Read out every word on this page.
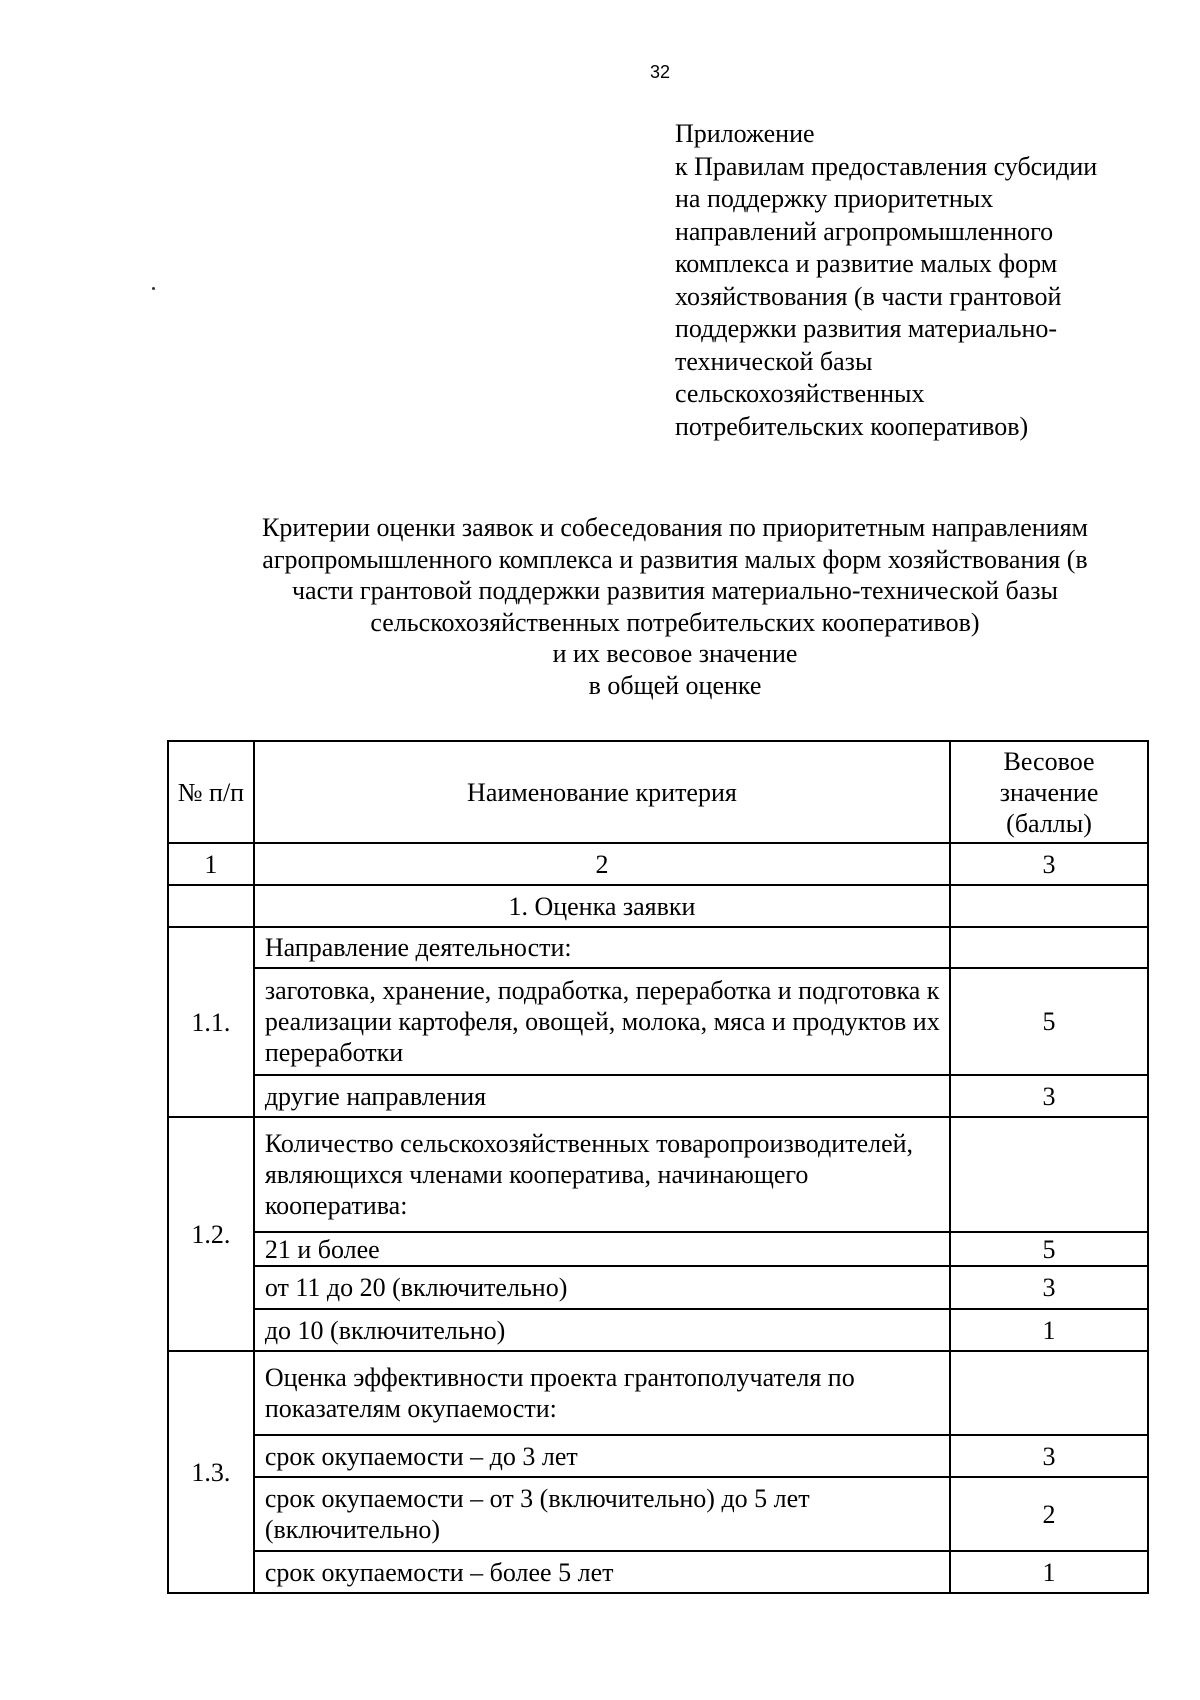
32
Приложение
к Правилам предоставления субсидии
на поддержку приоритетных
направлений агропромышленного
комплекса и развитие малых форм
хозяйствования (в части грантовой
поддержки развития материально-
технической базы
сельскохозяйственных
потребительских кооперативов)
Критерии оценки заявок и собеседования по приоритетным направлениям
агропромышленного комплекса и развития малых форм хозяйствования (в
части грантовой поддержки развития материально-технической базы
сельскохозяйственных потребительских кооперативов)
и их весовое значение
в общей оценке
№ п/п	Наименование критерия	Весовое значение (баллы)
1	2	3
	1. Оценка заявки	
1.1.	Направление деятельности:	
	заготовка, хранение, подработка, переработка и подготовка к реализации картофеля, овощей, молока, мяса и продуктов их переработки	5
	другие направления	3
1.2.	Количество сельскохозяйственных товаропроизводителей, являющихся членами кооператива, начинающего кооператива:	
	21 и более	5
	от 11 до 20 (включительно)	3
	до 10 (включительно)	1
1.3.	Оценка эффективности проекта грантополучателя по показателям окупаемости:	
	срок окупаемости – до 3 лет	3
	срок окупаемости – от 3 (включительно) до 5 лет (включительно)	2
	срок окупаемости – более 5 лет	1
